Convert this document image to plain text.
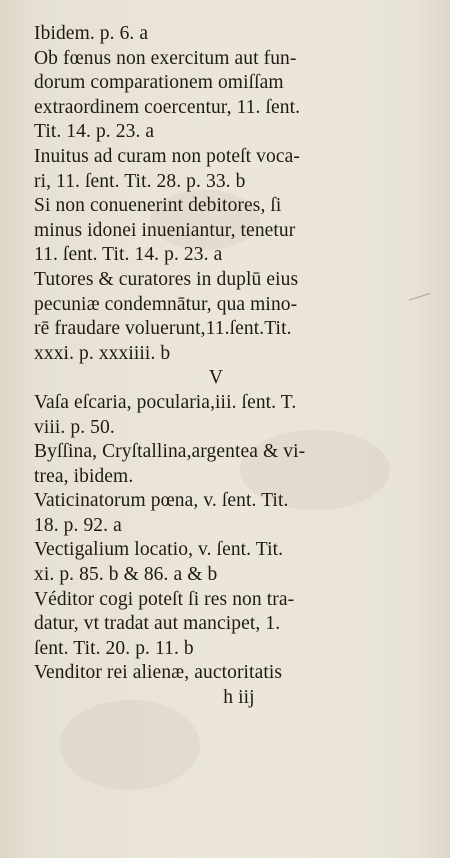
Ibidem. p. 6. a
Ob fœnus non exercitum aut fun-
dorum comparationem omiſſam
extraordinem coercentur, 11. ſent.
Tit. 14. p. 23. a
Inuitus ad curam non poteſt voca-
ri, 11. ſent. Tit. 28. p. 33. b
Si non conuenerint debitores, ſi
minus idonei inueniantur, tenetur
11. ſent. Tit. 14. p. 23. a
Tutores & curatores in duplū eius
pecuniæ condemnātur, qua mino-
rē fraudare voluerunt,11.ſent.Tit.
xxxi. p. xxxiiii. b
V
Vaſa eſcaria, pocularia,iii. ſent. T.
viii. p. 50.
Byſſina, Cryſtallina,argentea & vi-
trea, ibidem.
Vaticinatorum pœna, v. ſent. Tit.
18. p. 92. a
Vectigalium locatio, v. ſent. Tit.
xi. p. 85. b & 86. a & b
Véditor cogi poteſt ſi res non tra-
datur, vt tradat aut mancipet, 1.
ſent. Tit. 20. p. 11. b
Venditor rei alienæ, auctoritatis
h iij
